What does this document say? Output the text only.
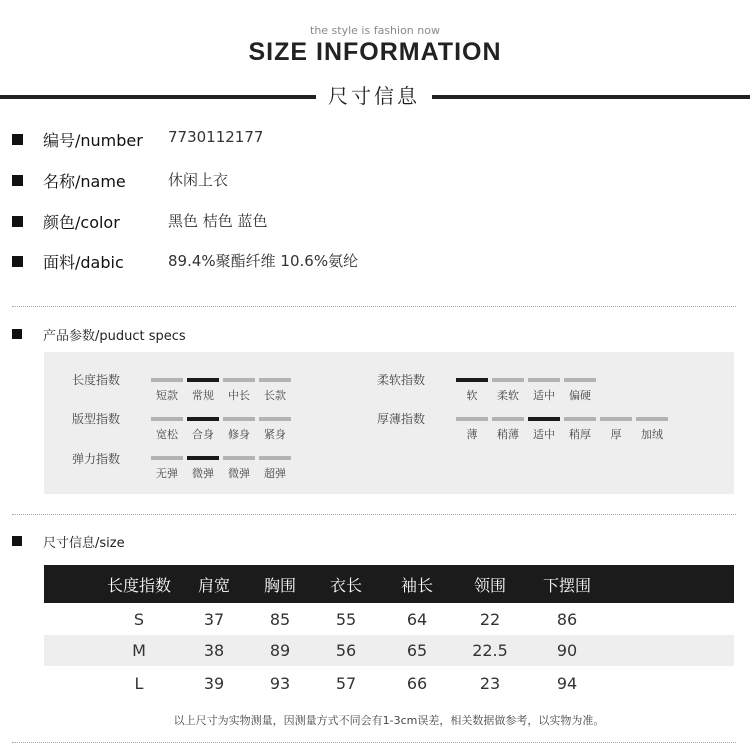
the style is fashion now
SIZE INFORMATION
尺寸信息
编号/number 7730112177
名称/name	休闲上衣
颜色/color	黑色 桔色 蓝色
面料/dabic	89.4%聚酯纤维 10.6%氨纶
产品参数/puduct specs
长度指数
短款	常规	中长	长款
版型指数
宽松	合身	修身	紧身
弹力指数
无弹	微弹	微弹	超弹
柔软指数
软	柔软	适中	偏硬
厚薄指数
薄	稍薄	适中	稍厚	厚	加绒
尺寸信息/size
长度指数	肩宽	胸围	衣长	袖长	领围	下摆围
S	37	85	55	64	22	86
M	38	89	56	65	22.5	90
L	39	93	57	66	23	94
以上尺寸为实物测量，因测量方式不同会有1-3cm误差，相关数据做参考，以实物为准。
